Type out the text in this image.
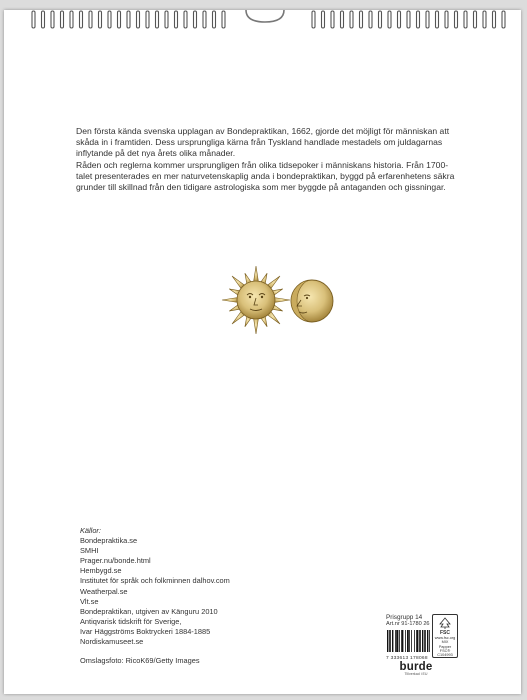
Den första kända svenska upplagan av Bondepraktikan, 1662, gjorde det möjligt för människan att skåda in i framtiden. Dess ursprungliga kärna från Tyskland handlade mestadels om juldagarnas inflytande på det nya årets olika månader.

Råden och reglerna kommer ursprungligen från olika tidsepoker i människans historia. Från 1700-talet presenterades en mer naturvetenskaplig anda i bondepraktikan, byggd på erfarenhetens säkra grunder till skillnad från den tidigare astrologiska som mer byggde på antaganden och gissningar.

Källor:
Bondepraktika.se
SMHI
Prager.nu/bonde.html
Hembygd.se
Institutet för språk och folkminnen dalhov.com
Weatherpal.se
Vlt.se
Bondepraktikan, utgiven av Känguru 2010
Antiqvarisk tidskrift för Sverige,
Ivar Häggströms Boktryckeri 1884-1885
Nordiskamuseet.se
Omslagsfoto: RicoK69/Getty Images
Prisgrupp 14
Art.nr 91-1780 26
7 333613 178068
burde
Tillverkad i EU
FSC
www.fsc.org
MIX
Papper
FSC® C104993
